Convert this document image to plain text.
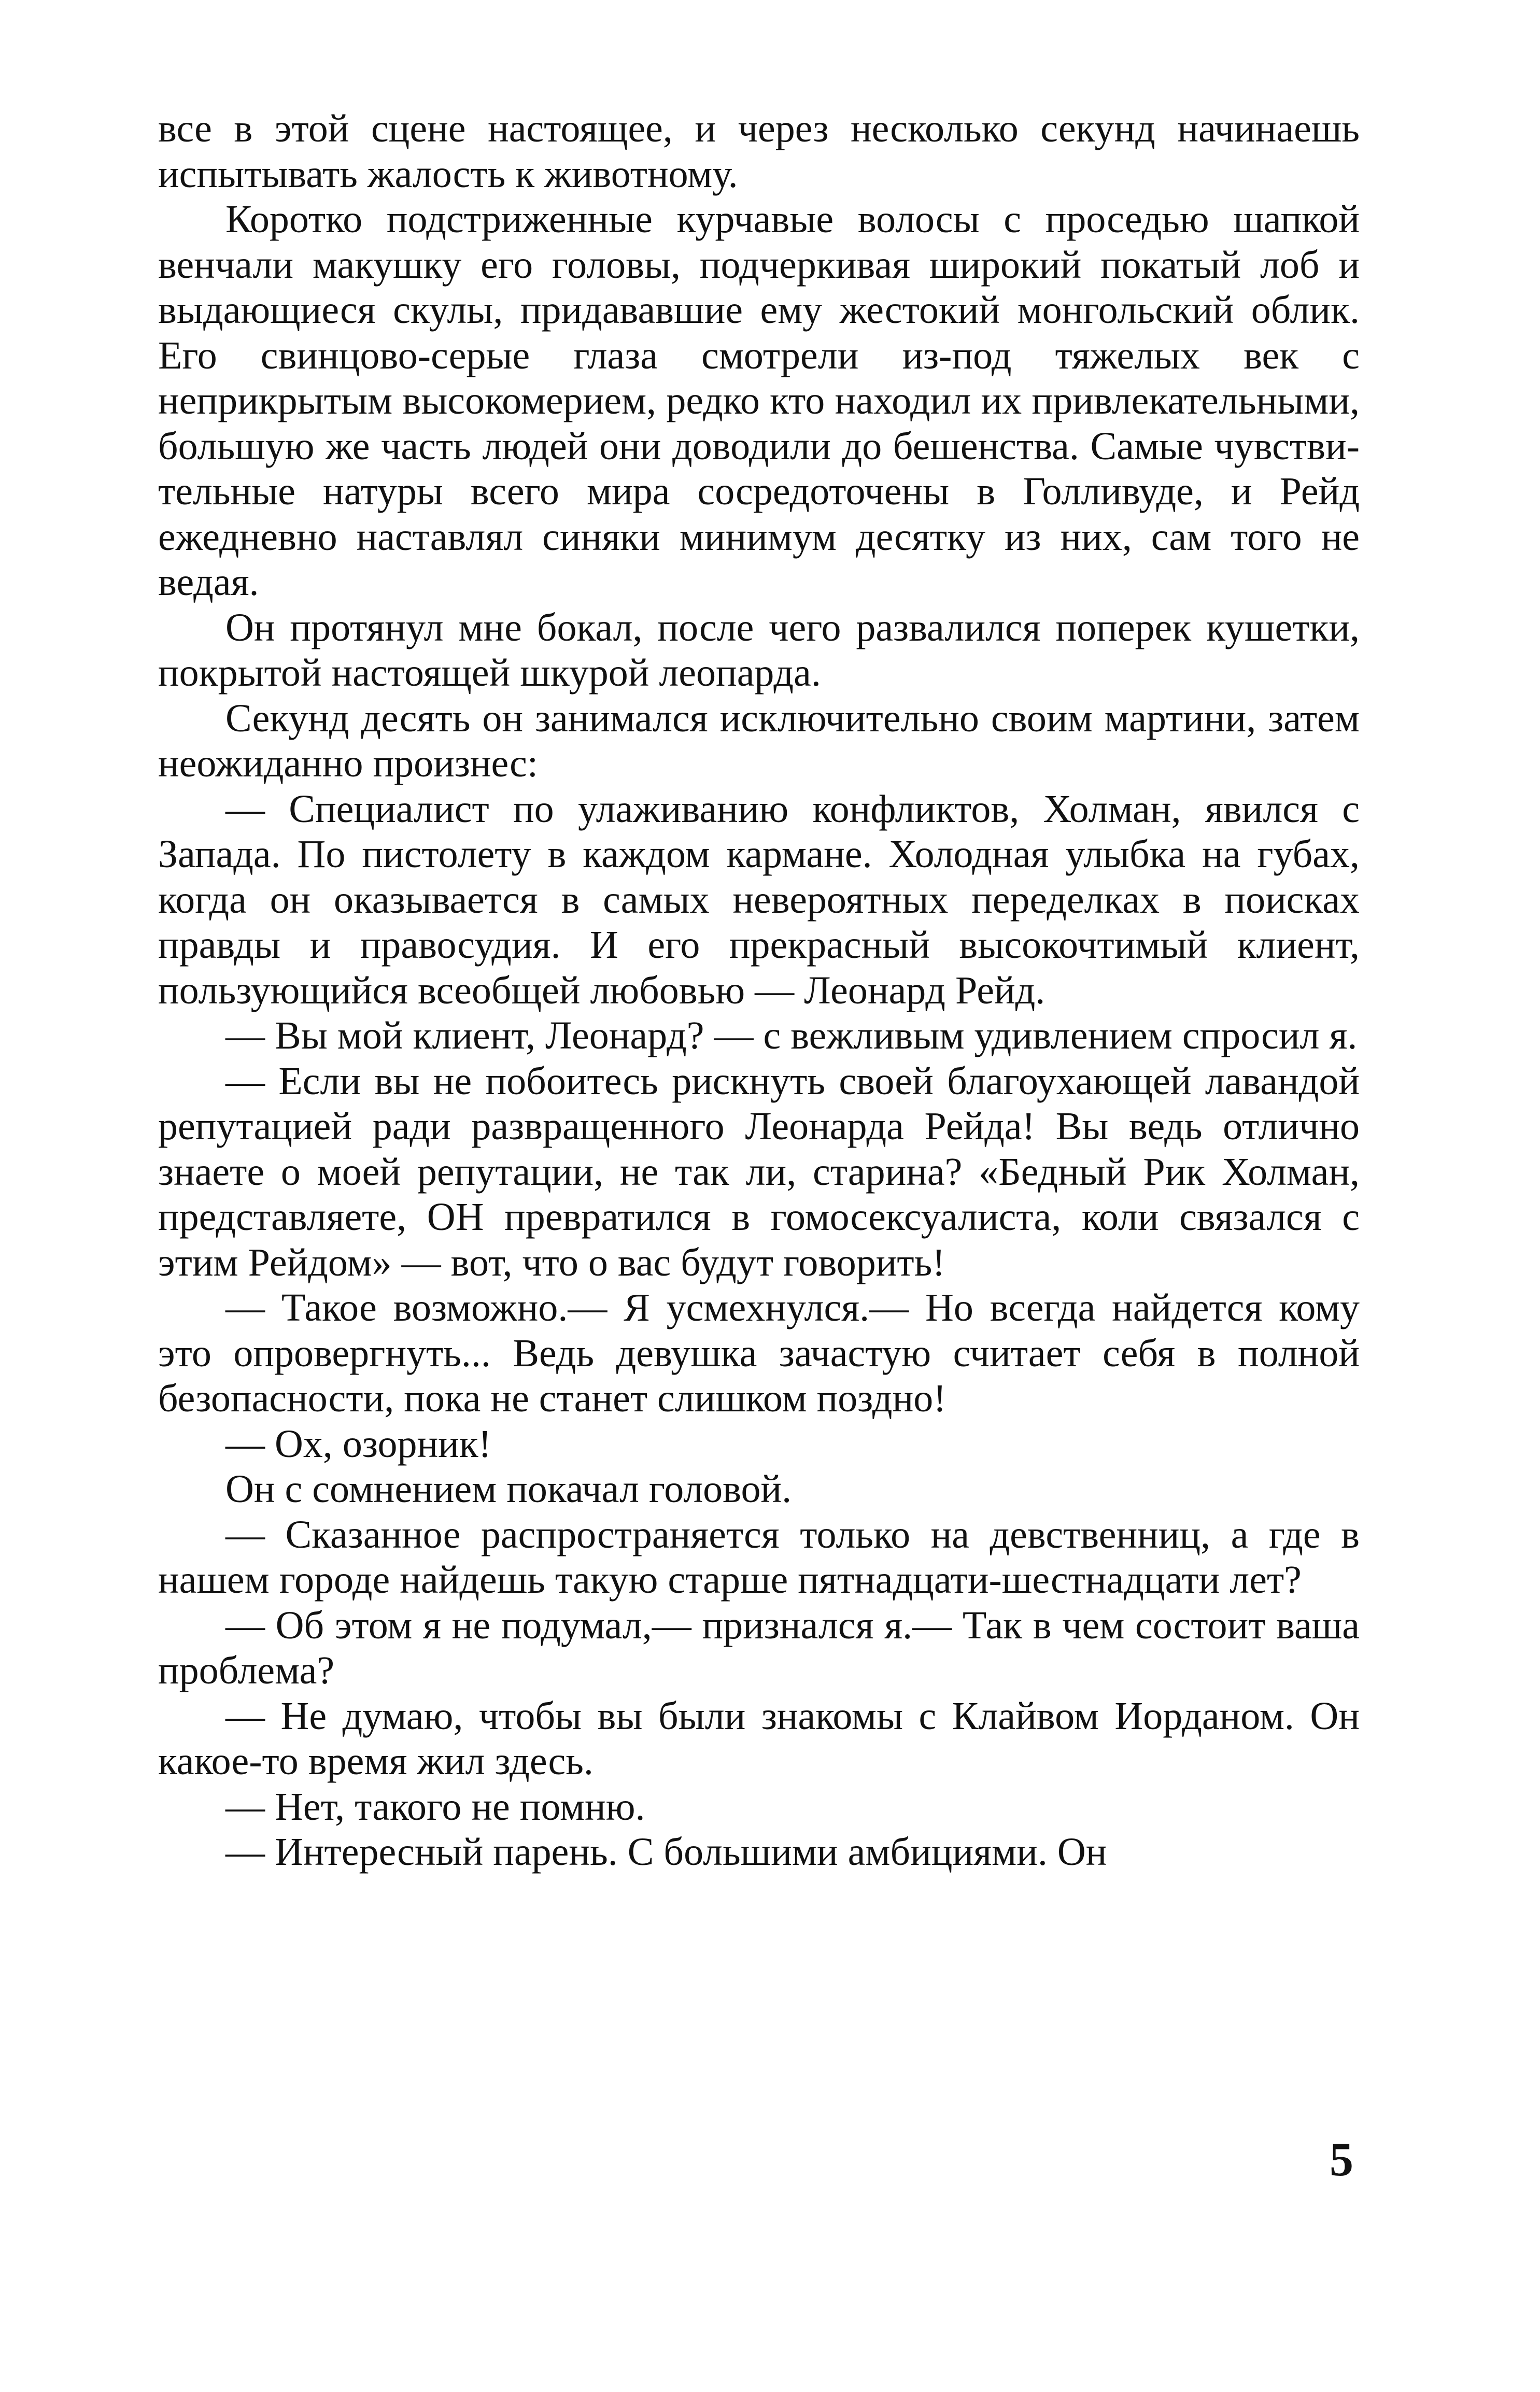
все в этой сцене настоящее, и через несколько секунд начинаешь испытывать жалость к животному.

Коротко подстриженные курчавые волосы с проседью шапкой венчали макушку его головы, подчеркивая широкий покатый лоб и выдающиеся скулы, придававшие ему жестокий монгольский облик. Его свинцово-серые глаза смотрели из-под тяжелых век с неприкрытым высокомерием, редко кто находил их привлекательными, большую же часть людей они доводили до бешенства. Самые чувствительные натуры всего мира сосредоточены в Голливуде, и Рейд ежедневно наставлял синяки минимум десятку из них, сам того не ведая.

Он протянул мне бокал, после чего развалился поперек кушетки, покрытой настоящей шкурой леопарда.

Секунд десять он занимался исключительно своим мартини, затем неожиданно произнес:

— Специалист по улаживанию конфликтов, Холман, явился с Запада. По пистолету в каждом кармане. Холодная улыбка на губах, когда он оказывается в самых невероятных переделках в поисках правды и правосудия. И его прекрасный высокочтимый клиент, пользующийся всеобщей любовью — Леонард Рейд.

— Вы мой клиент, Леонард? — с вежливым удивлением спросил я.

— Если вы не побоитесь рискнуть своей благоухающей лавандой репутацией ради развращенного Леонарда Рейда! Вы ведь отлично знаете о моей репутации, не так ли, старина? «Бедный Рик Холман, представляете, ОН превратился в гомосексуалиста, коли связался с этим Рейдом» — вот, что о вас будут говорить!

— Такое возможно.— Я усмехнулся.— Но всегда найдется кому это опровергнуть... Ведь девушка зачастую считает себя в полной безопасности, пока не станет слишком поздно!

— Ох, озорник!

Он с сомнением покачал головой.

— Сказанное распространяется только на девственниц, а где в нашем городе найдешь такую старше пятнадцати-шестнадцати лет?

— Об этом я не подумал,— признался я.— Так в чем состоит ваша проблема?

— Не думаю, чтобы вы были знакомы с Клайвом Иорданом. Он какое-то время жил здесь.

— Нет, такого не помню.

— Интересный парень. С большими амбициями. Он

5
